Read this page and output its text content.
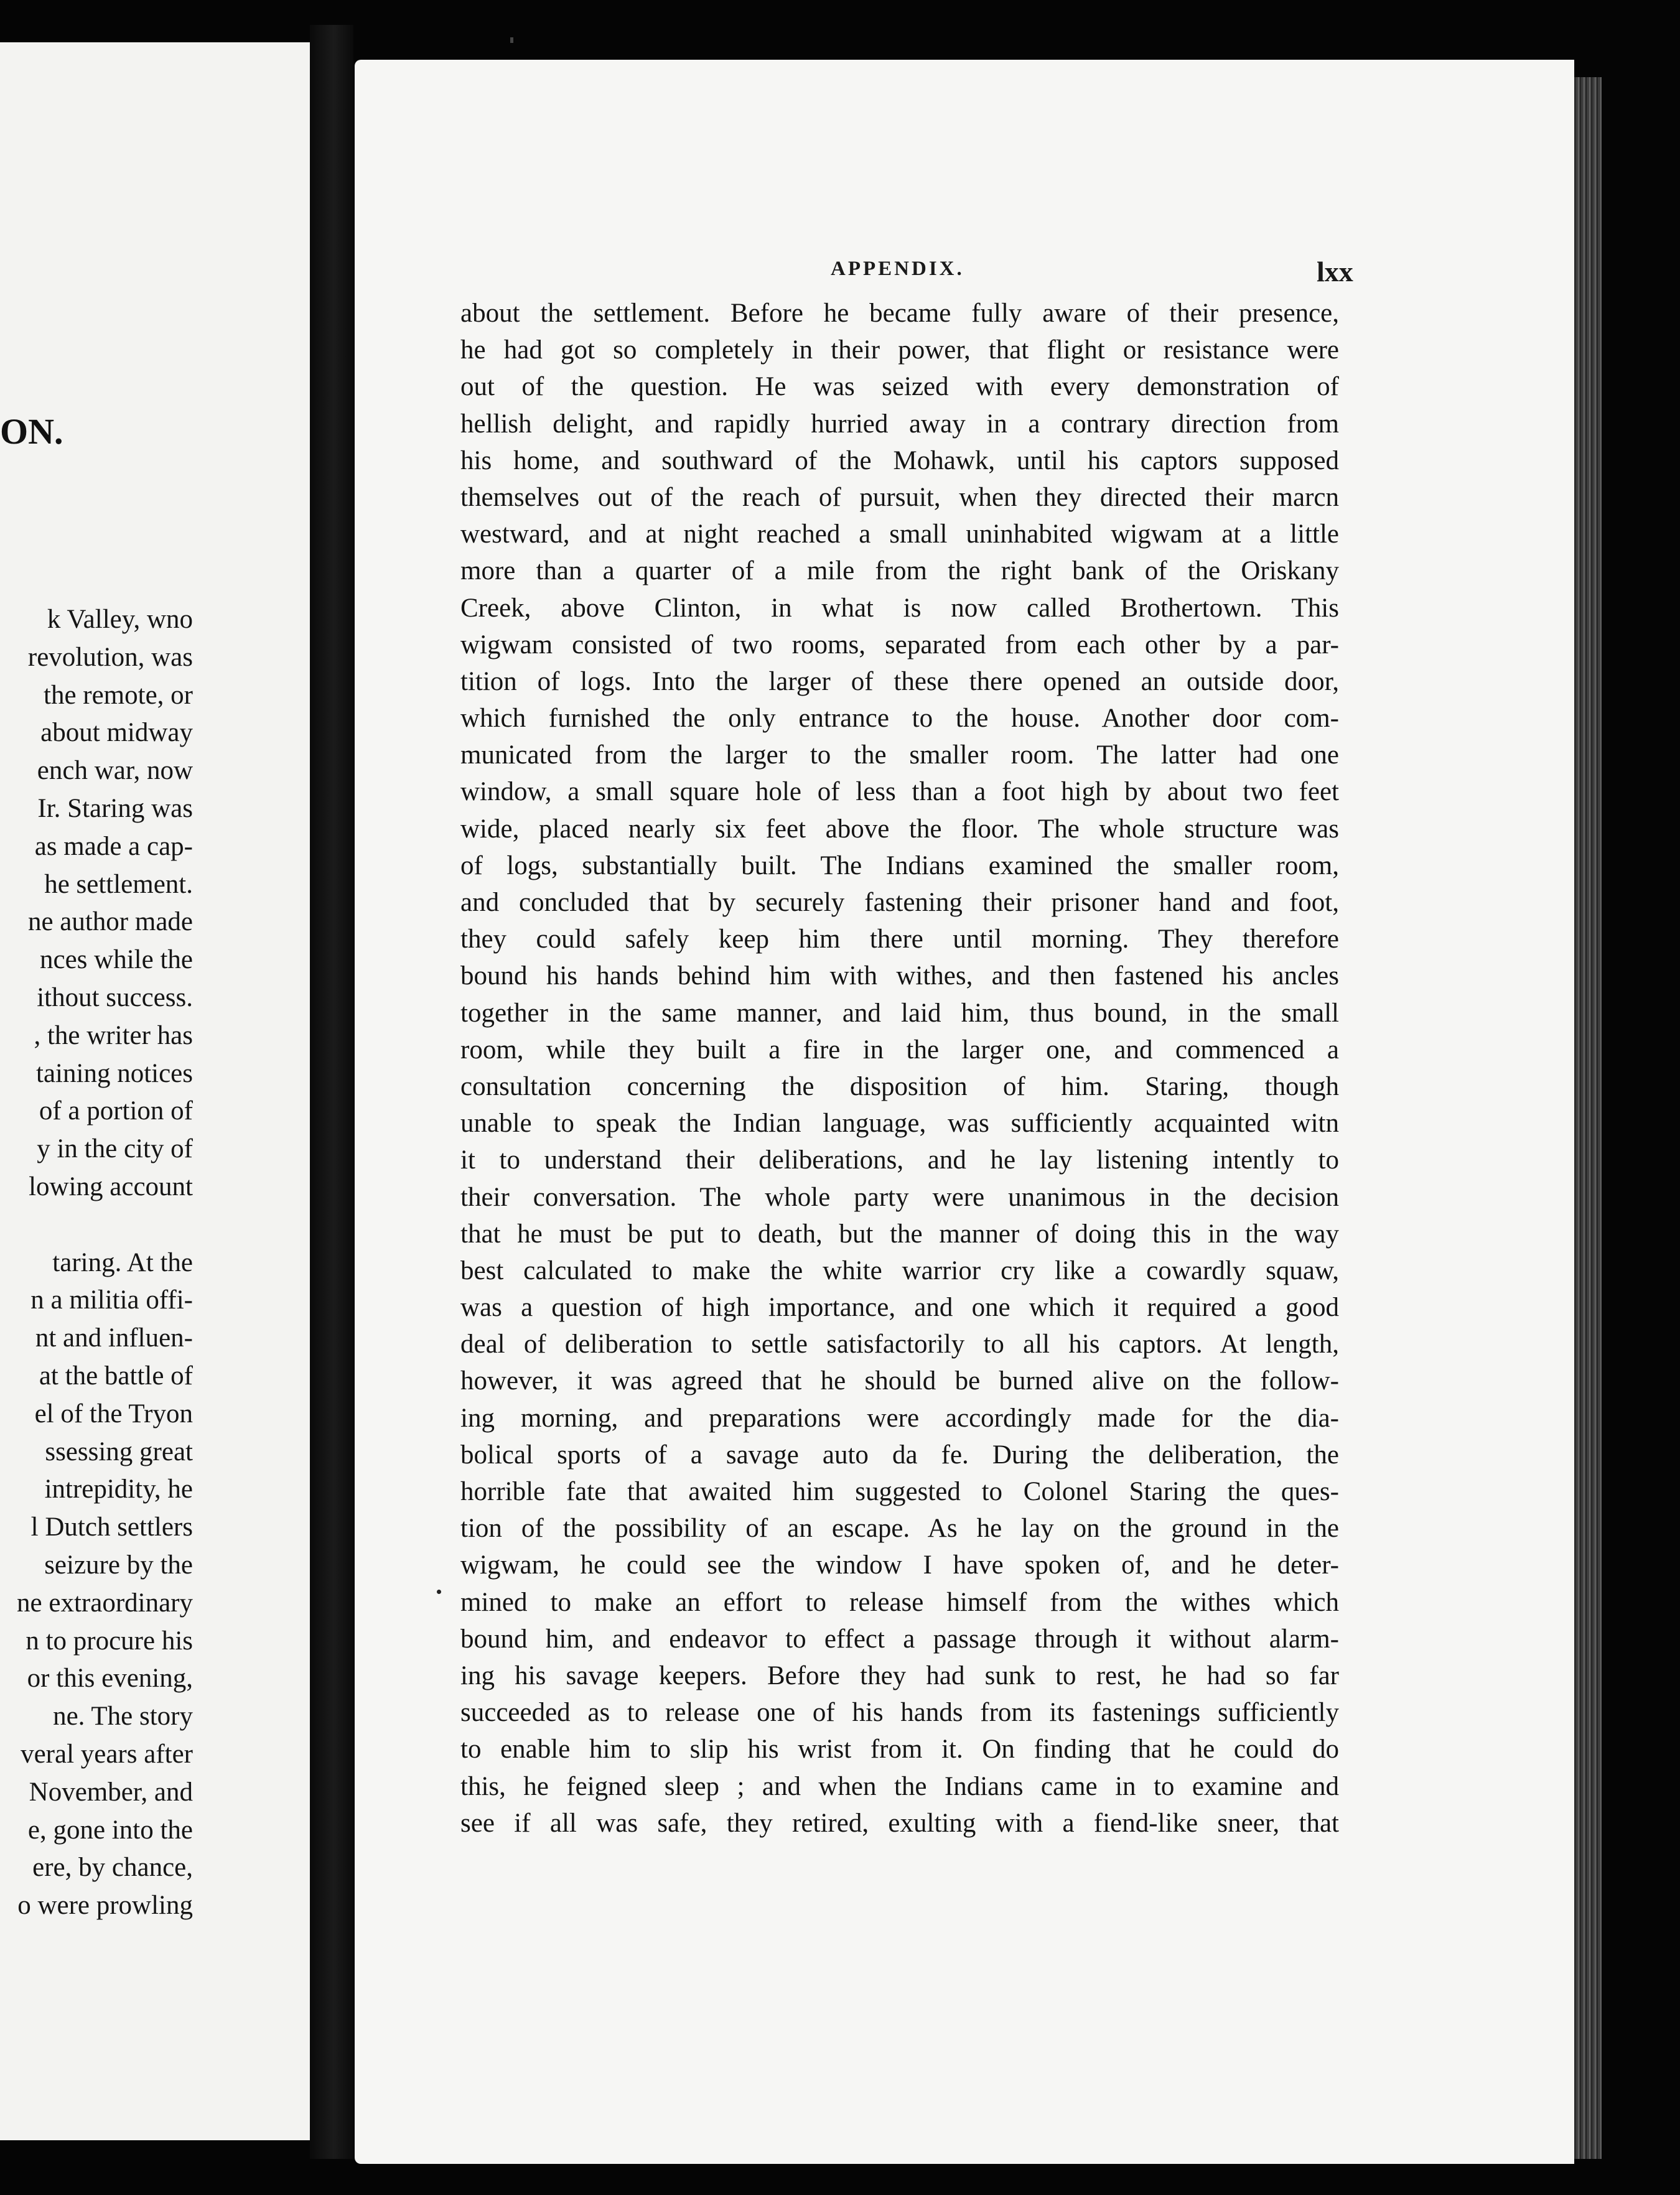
ON.
k Valley, wno
revolution, was
the remote, or
about midway
ench war, now
Ir. Staring was
as made a cap-
he settlement.
ne author made
nces while the
ithout success.
, the writer has
taining notices
of a portion of
y in the city of
lowing account
taring. At the
n a militia offi-
nt and influen-
at the battle of
el of the Tryon
ssessing great
intrepidity, he
l Dutch settlers
seizure by the
ne extraordinary
n to procure his
or this evening,
ne. The story
veral years after
November, and
e, gone into the
ere, by chance,
o were prowling
APPENDIX.	lxx
about the settlement. Before he became fully aware of their presence,
he had got so completely in their power, that flight or resistance were
out of the question. He was seized with every demonstration of
hellish delight, and rapidly hurried away in a contrary direction from
his home, and southward of the Mohawk, until his captors supposed
themselves out of the reach of pursuit, when they directed their marcn
westward, and at night reached a small uninhabited wigwam at a little
more than a quarter of a mile from the right bank of the Oriskany
Creek, above Clinton, in what is now called Brothertown. This
wigwam consisted of two rooms, separated from each other by a par-
tition of logs. Into the larger of these there opened an outside door,
which furnished the only entrance to the house. Another door com-
municated from the larger to the smaller room. The latter had one
window, a small square hole of less than a foot high by about two feet
wide, placed nearly six feet above the floor. The whole structure was
of logs, substantially built. The Indians examined the smaller room,
and concluded that by securely fastening their prisoner hand and foot,
they could safely keep him there until morning. They therefore
bound his hands behind him with withes, and then fastened his ancles
together in the same manner, and laid him, thus bound, in the small
room, while they built a fire in the larger one, and commenced a
consultation concerning the disposition of him. Staring, though
unable to speak the Indian language, was sufficiently acquainted witn
it to understand their deliberations, and he lay listening intently to
their conversation. The whole party were unanimous in the decision
that he must be put to death, but the manner of doing this in the way
best calculated to make the white warrior cry like a cowardly squaw,
was a question of high importance, and one which it required a good
deal of deliberation to settle satisfactorily to all his captors. At length,
however, it was agreed that he should be burned alive on the follow-
ing morning, and preparations were accordingly made for the dia-
bolical sports of a savage auto da fe. During the deliberation, the
horrible fate that awaited him suggested to Colonel Staring the ques-
tion of the possibility of an escape. As he lay on the ground in the
wigwam, he could see the window I have spoken of, and he deter-
mined to make an effort to release himself from the withes which
bound him, and endeavor to effect a passage through it without alarm-
ing his savage keepers. Before they had sunk to rest, he had so far
succeeded as to release one of his hands from its fastenings sufficiently
to enable him to slip his wrist from it. On finding that he could do
this, he feigned sleep ; and when the Indians came in to examine and
see if all was safe, they retired, exulting with a fiend-like sneer, that
